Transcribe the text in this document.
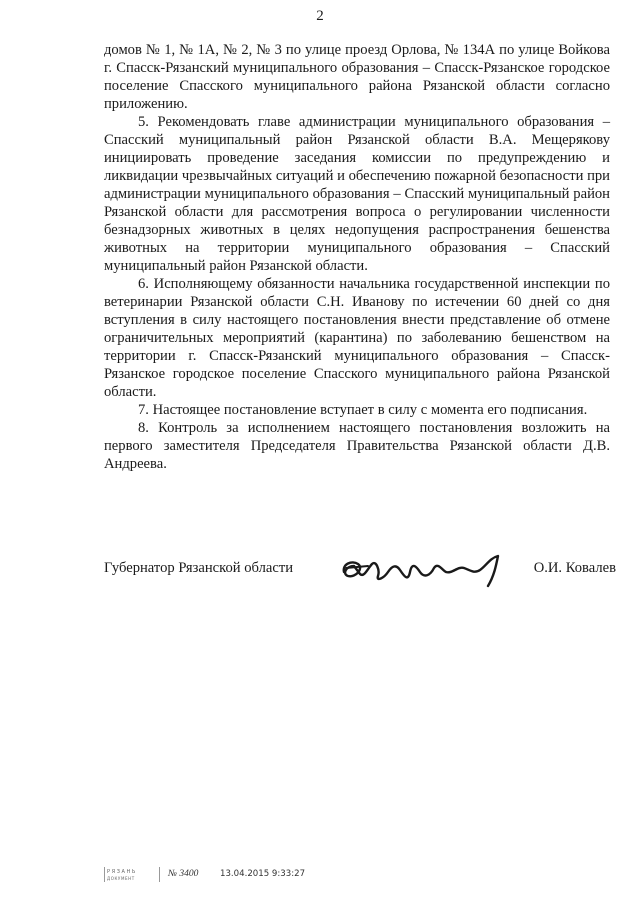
2

домов № 1, № 1А, № 2, № 3 по улице проезд Орлова, № 134А по улице Войкова г. Спасск-Рязанский муниципального образования – Спасск-Рязанское городское поселение Спасского муниципального района Рязанской области согласно приложению.

5. Рекомендовать главе администрации муниципального образования – Спасский муниципальный район Рязанской области В.А. Мещерякову инициировать проведение заседания комиссии по предупреждению и ликвидации чрезвычайных ситуаций и обеспечению пожарной безопасности при администрации муниципального образования – Спасский муниципальный район Рязанской области для рассмотрения вопроса о регулировании численности безнадзорных животных в целях недопущения распространения бешенства животных на территории муниципального образования – Спасский муниципальный район Рязанской области.

6. Исполняющему обязанности начальника государственной инспекции по ветеринарии Рязанской области С.Н. Иванову по истечении 60 дней со дня вступления в силу настоящего постановления внести представление об отмене ограничительных мероприятий (карантина) по заболеванию бешенством на территории г. Спасск-Рязанский муниципального образования – Спасск-Рязанское городское поселение Спасского муниципального района Рязанской области.

7. Настоящее постановление вступает в силу с момента его подписания.

8. Контроль за исполнением настоящего постановления возложить на первого заместителя Председателя Правительства Рязанской области Д.В. Андреева.

Губернатор Рязанской области	О.И. Ковалев
РЯЗАНЬ
ДОКУМЕНТ	№ 3400	13.04.2015 9:33:27
